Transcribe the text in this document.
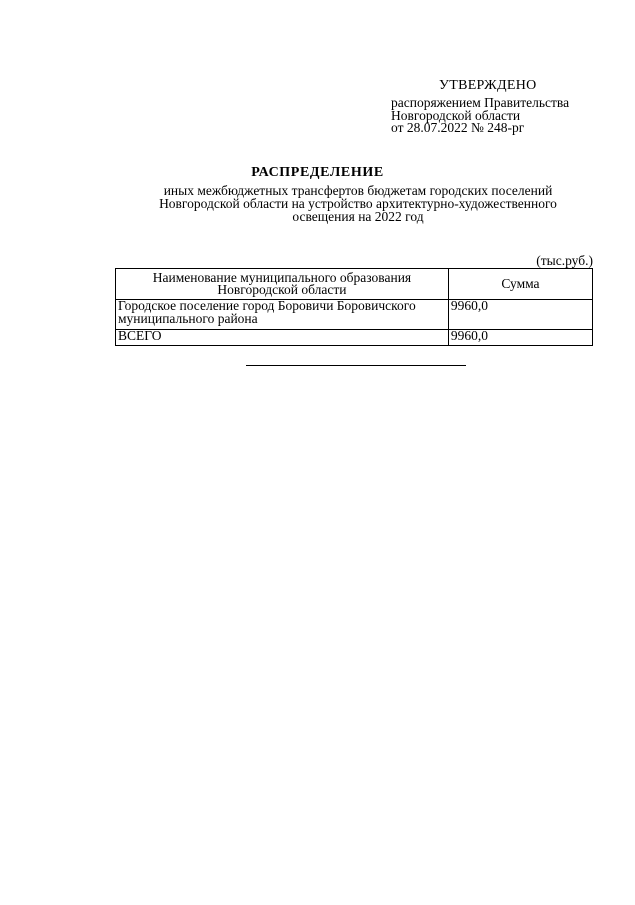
УТВЕРЖДЕНО
распоряжением Правительства
Новгородской области
от 28.07.2022 № 248-рг
РАСПРЕДЕЛЕНИЕ
иных межбюджетных трансфертов бюджетам городских поселений
Новгородской области на устройство архитектурно-художественного
освещения на 2022 год
(тыс.руб.)
Наименование муниципального образования
Новгородской области	Сумма

Городское поселение город Боровичи Боровичского
муниципального района	9960,0
ВСЕГО	9960,0
